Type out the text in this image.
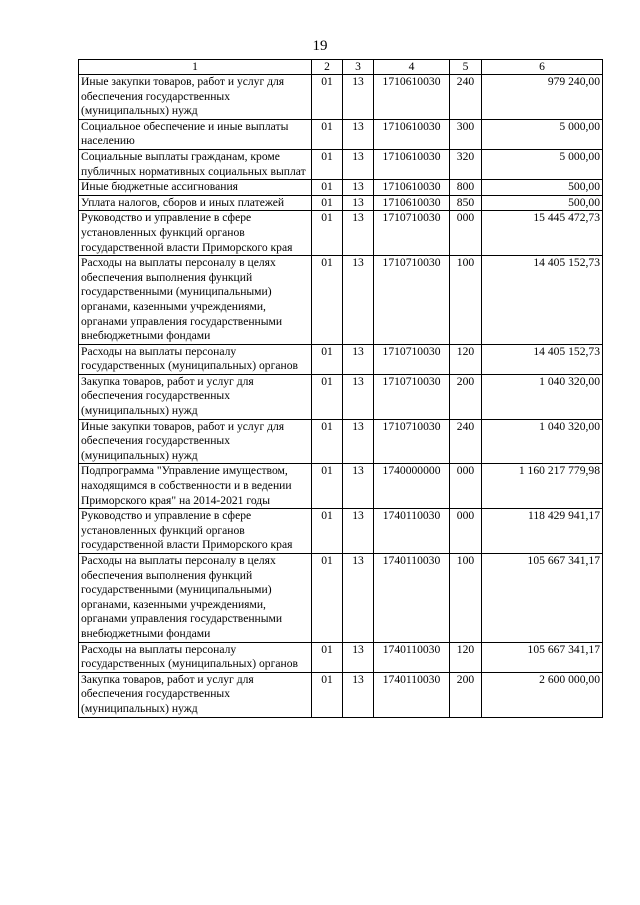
19
1	2	3	4	5	6
Иные закупки товаров, работ и услуг для обеспечения государственных (муниципальных) нужд	01	13	1710610030	240	979 240,00
Социальное обеспечение и иные выплаты населению	01	13	1710610030	300	5 000,00
Социальные выплаты гражданам, кроме публичных нормативных социальных выплат	01	13	1710610030	320	5 000,00
Иные бюджетные ассигнования	01	13	1710610030	800	500,00
Уплата налогов, сборов и иных платежей	01	13	1710610030	850	500,00
Руководство и управление в сфере установленных функций органов государственной власти Приморского края	01	13	1710710030	000	15 445 472,73
Расходы на выплаты персоналу в целях обеспечения выполнения функций государственными (муниципальными) органами, казенными учреждениями, органами управления государственными внебюджетными фондами	01	13	1710710030	100	14 405 152,73
Расходы на выплаты персоналу государственных (муниципальных) органов	01	13	1710710030	120	14 405 152,73
Закупка товаров, работ и услуг для обеспечения государственных (муниципальных) нужд	01	13	1710710030	200	1 040 320,00
Иные закупки товаров, работ и услуг для обеспечения государственных (муниципальных) нужд	01	13	1710710030	240	1 040 320,00
Подпрограмма "Управление имуществом, находящимся в собственности и в ведении Приморского края" на 2014-2021 годы	01	13	1740000000	000	1 160 217 779,98
Руководство и управление в сфере установленных функций органов государственной власти Приморского края	01	13	1740110030	000	118 429 941,17
Расходы на выплаты персоналу в целях обеспечения выполнения функций государственными (муниципальными) органами, казенными учреждениями, органами управления государственными внебюджетными фондами	01	13	1740110030	100	105 667 341,17
Расходы на выплаты персоналу государственных (муниципальных) органов	01	13	1740110030	120	105 667 341,17
Закупка товаров, работ и услуг для обеспечения государственных (муниципальных) нужд	01	13	1740110030	200	2 600 000,00
